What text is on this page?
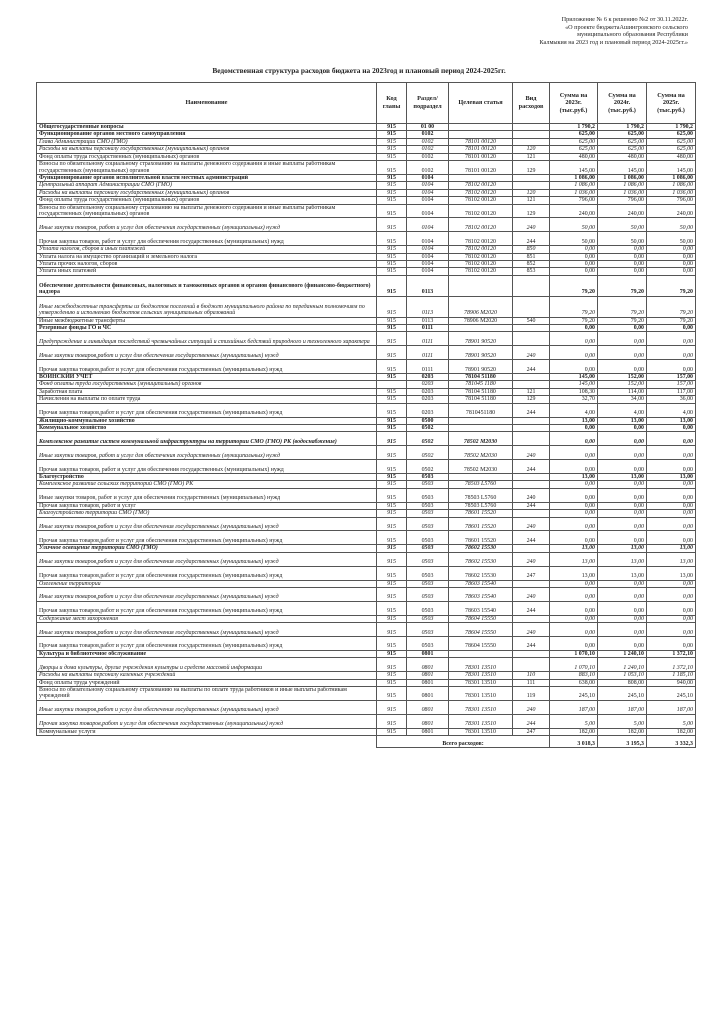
Приложение № 6 к решению №2 от 30.11.2022г.
«О проекте бюджетаАшингровского сельского
муниципального образования Республики
Калмыкия на 2023 год и плановый период 2024-2025гг.»
Ведомственная структура расходов бюджета на 2023год и плановый период 2024-2025гг.
Наименование	Код главы	Раздел/ подраздел	Целевая статья	Вид расходов	Сумма на 2023г. (тыс.руб.)	Сумма на 2024г. (тыс.руб.)	Сумма на 2025г. (тыс.руб.)
Общегосударственные вопросы	915	01 00			1 790,2	1 790,2	1 790,2
Функционирование органов местного самоуправления	915	0102			625,00	625,00	625,00
Глава Администрации СМО (ГМО)	915	0102	78101 00120		625,00	625,00	625,00
Расходы на выплаты персоналу государственных (муниципальных) органов	915	0102	78101 00120	120	625,00	625,00	625,00
Фонд оплаты труда государственных (муниципальных) органов	915	0102	78101 00120	121	480,00	480,00	480,00
Взносы по обязательному социальному страхованию на выплаты денежного содержания и иные выплаты работникам государственных (муниципальных) органов	915	0102	78101 00120	129	145,00	145,00	145,00
Функционирование органов исполнительной власти местных администраций	915	0104			1 086,00	1 086,00	1 086,00
Центральный аппарат Администрации СМО (ГМО)	915	0104	78102 00120		1 086,00	1 086,00	1 086,00
Расходы на выплаты персоналу государственных (муниципальных) органов	915	0104	78102 00120	120	1 036,00	1 036,00	1 036,00
Фонд оплаты труда государственных (муниципальных) органов	915	0104	78102 00120	121	796,00	796,00	796,00
Взносы по обязательному социальному страхованию на выплаты денежного содержания и иные выплаты работникам государственных (муниципальных) органов	915	0104	78102 00120	129	240,00	240,00	240,00
Иные закупки товаров, работ и услуг для обеспечения государственных (муниципальных) нужд	915	0104	78102 00120	240	50,00	50,00	50,00
Прочая закупка товаров, работ и услуг для обеспечения государственных (муниципальных) нужд	915	0104	78102 00120	244	50,00	50,00	50,00
Уплата налогов, сборов и иных платежей	915	0104	78102 00120	850	0,00	0,00	0,00
Уплата налога на имущество организаций и земельного налога	915	0104	78102 00120	851	0,00	0,00	0,00
Уплата прочих налогов, сборов	915	0104	78102 00120	852	0,00	0,00	0,00
Уплата иных платежей	915	0104	78102 00120	853	0,00	0,00	0,00
Обеспечение деятельности финансовых, налоговых и таможенных органов и органов финансового (финансово-бюджетного) надзора	915	0113			79,20	79,20	79,20
Иные межбюджетные трансферты из бюджетов поселений в бюджет муниципального района по переданным полномочиям по утверждению и исполнению бюджетов сельских муниципальных образований	915	0113	78906 М2020		79,20	79,20	79,20
Иные межбюджетные трансферты	915	0113	78906 М2020	540	79,20	79,20	79,20
Резервные фонды ГО и ЧС	915	0111			0,00	0,00	0,00
Предупреждение и ликвидация последствий чрезвычайных ситуаций и стихийных бедствий природного и техногенного характера	915	0111	78901 90520		0,00	0,00	0,00
Иные закупки товаров,работ и услуг для обеспечения государственных (муниципальных) нужд	915	0111	78901 90520	240	0,00	0,00	0,00
Прочая закупка товаров,работ и услуг для обеспечения государственных (муниципальных) нужд	915	0111	78901 90520	244	0,00	0,00	0,00
ВОИНСКИЙ УЧЕТ	915	0203	78104 51180		145,00	152,00	157,00
Фонд оплаты труда государственных (муниципальных) органов		0203	781045 1180		145,00	152,00	157,00
Заработная плата	915	0203	78104 51180	121	108,30	114,00	117,00
Начисления на выплаты по оплате труда	915	0203	78104 51180	129	32,70	34,00	36,00
Прочая закупка товаров,работ и услуг для обеспечения государственных (муниципальных) нужд	915	0203	7810451180	244	4,00	4,00	4,00
Жилищно-коммунальное хозяйство	915	0500			13,00	13,00	13,00
Коммунальное хозяйство	915	0502			0,00	0,00	0,00
Комплексное развитие систем коммунальной инфраструктуры на территории СМО (ГМО) РК (водоснабжение)	915	0502	78502 М2030		0,00	0,00	0,00
Иные закупки товаров, работ и услуг для обеспечения государственных (муниципальных) нужд	915	0502	78502 М2030	240	0,00	0,00	0,00
Прочая закупка товаров, работ и услуг для обеспечения государственных (муниципальных) нужд	915	0502	78502 М2030	244	0,00	0,00	0,00
Благоустройство	915	0503			13,00	13,00	13,00
Комплексное развитие сельских территорий СМО (ГМО) РК	915	0503	78503 L5760		0,00	0,00	0,00
Иные закупки товаров, работ и услуг для обеспечения государственных (муниципальных) нужд	915	0503	78503 L5760	240	0,00	0,00	0,00
Прочая закупка товаров, работ и услуг	915	0503	78503 L5760	244	0,00	0,00	0,00
Благоустройство территории СМО (ГМО)	915	0503	78601 15520		0,00	0,00	0,00
Иные закупки товаров,работ и услуг для обеспечения государственных (муниципальных) нужд	915	0503	78601 15520	240	0,00	0,00	0,00
Прочая закупка товаров,работ и услуг для обеспечения государственных (муниципальных) нужд	915	0503	78601 15520	244	0,00	0,00	0,00
Уличное освещение территории СМО (ГМО)	915	0503	78602 15530		13,00	13,00	13,00
Иные закупки товаров,работ и услуг для обеспечения государственных (муниципальных) нужд	915	0503	78602 15530	240	13,00	13,00	13,00
Прочая закупка товаров,работ и услуг для обеспечения государственных (муниципальных) нужд	915	0503	78602 15530	247	13,00	13,00	13,00
Озеленение территории	915	0503	78603 15540		0,00	0,00	0,00
Иные закупки товаров,работ и услуг для обеспечения государственных (муниципальных) нужд	915	0503	78603 15540	240	0,00	0,00	0,00
Прочая закупка товаров,работ и услуг для обеспечения государственных (муниципальных) нужд	915	0503	78603 15540	244	0,00	0,00	0,00
Содержание мест захоронения	915	0503	78604 15550		0,00	0,00	0,00
Иные закупки товаров,работ и услуг для обеспечения государственных (муниципальных) нужд	915	0503	78604 15550	240	0,00	0,00	0,00
Прочая закупка товаров,работ и услуг для обеспечения государственных (муниципальных) нужд	915	0503	78604 15550	244	0,00	0,00	0,00
Культура и библиотечное обслуживание	915	0801			1 070,10	1 240,10	1 372,10
Дворцы и дома культуры, другие учреждения культуры и средств массовой информации	915	0801	78301 13510		1 070,10	1 240,10	1 372,10
Расходы на выплаты персоналу казенных учреждений	915	0801	78301 13510	110	883,10	1 053,10	1 185,10
Фонд оплаты труда учреждений	915	0801	78301 13510	111	638,00	808,00	940,00
Взносы по обязательному социальному страхованию на выплаты по оплате труда работников и иные выплаты работникам учреждений	915	0801	78301 13510	119	245,10	245,10	245,10
Иные закупки товаров,работ и услуг для обеспечения государственных (муниципальных) нужд	915	0801	78301 13510	240	187,00	187,00	187,00
Прочая закупка товаров,работ и услуг для обеспечения государственных (муниципальных) нужд	915	0801	78301 13510	244	5,00	5,00	5,00
Коммунальные услуги	915	0801	78301 13510	247	182,00	182,00	182,00
	Всего расходов:				3 018,3	3 195,3	3 332,3
